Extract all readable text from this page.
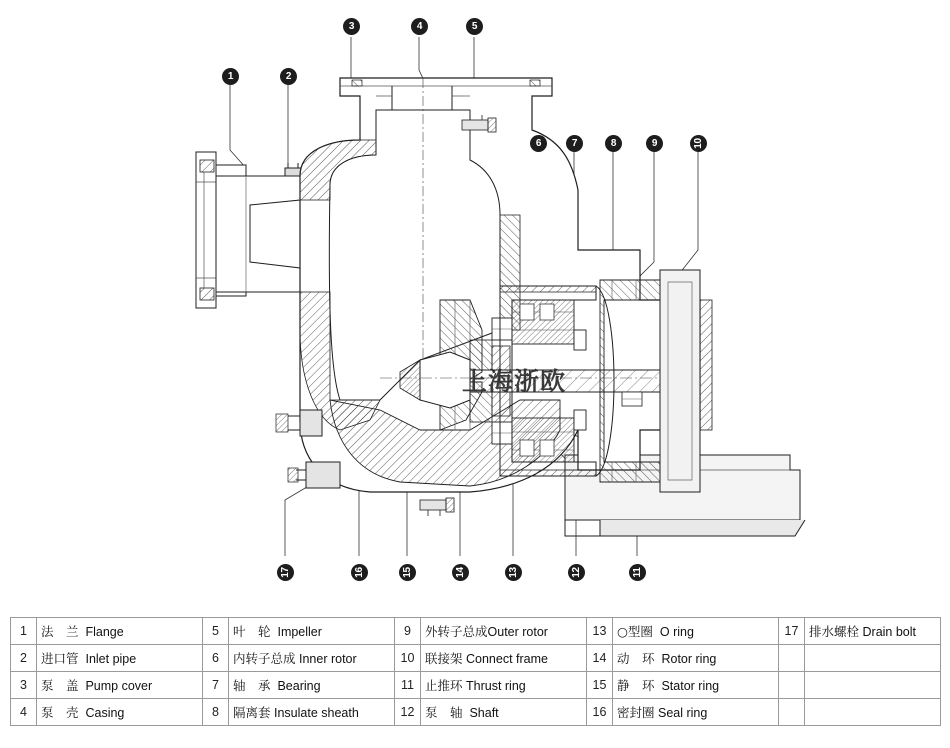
上海浙欧
1	2
3	4	5
6	7	8	9	10
11
12
13
14
15
16
17
1	法　兰 Flange	5	叶　轮 Impeller	9	外转子总成Outer rotor	13	○型圈 O ring	17	排水螺栓 Drain bolt
2	进口管 Inlet pipe	6	内转子总成 Inner rotor	10	联接架 Connect frame	14	动　环 Rotor ring		
3	泵　盖 Pump cover	7	轴　承 Bearing	11	止推环 Thrust ring	15	静　环 Stator ring		
4	泵　壳 Casing	8	隔离套 Insulate sheath	12	泵　轴 Shaft	16	密封圈 Seal ring		
